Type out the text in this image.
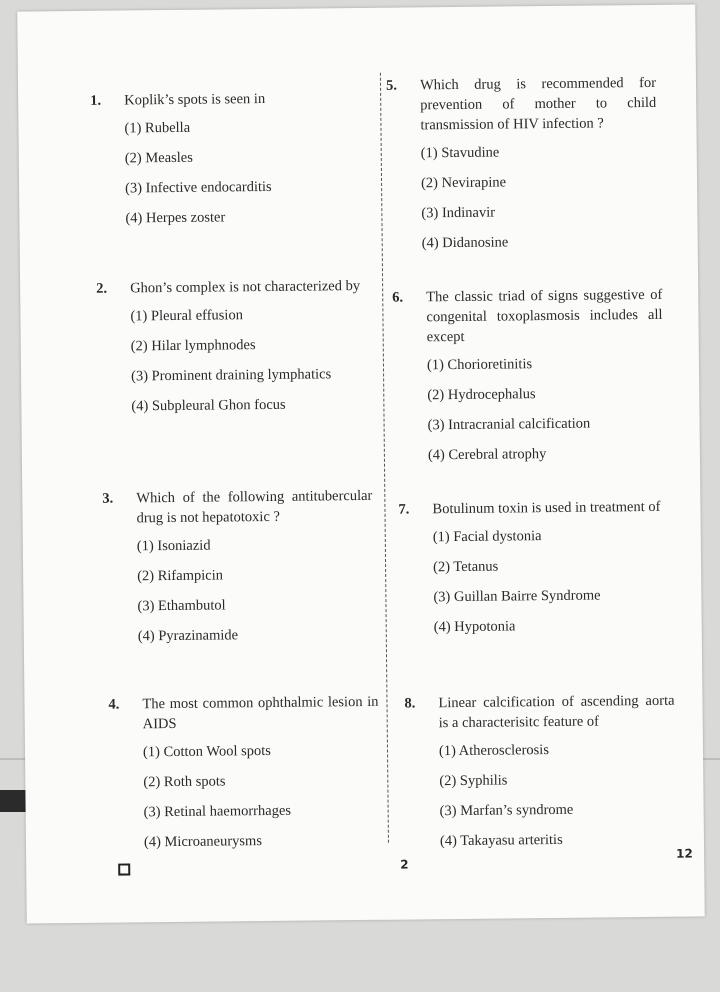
1. Koplik’s spots is seen in
(1) Rubella
(2) Measles
(3) Infective endocarditis
(4) Herpes zoster
2. Ghon’s complex is not characterized by
(1) Pleural effusion
(2) Hilar lymphnodes
(3) Prominent draining lymphatics
(4) Subpleural Ghon focus
3. Which of the following antitubercular drug is not hepatotoxic ?
(1) Isoniazid
(2) Rifampicin
(3) Ethambutol
(4) Pyrazinamide
4. The most common ophthalmic lesion in AIDS
(1) Cotton Wool spots
(2) Roth spots
(3) Retinal haemorrhages
(4) Microaneurysms
5. Which drug is recommended for prevention of mother to child transmission of HIV infection ?
(1) Stavudine
(2) Nevirapine
(3) Indinavir
(4) Didanosine
6. The classic triad of signs suggestive of congenital toxoplasmosis includes all except
(1) Chorioretinitis
(2) Hydrocephalus
(3) Intracranial calcification
(4) Cerebral atrophy
7. Botulinum toxin is used in treatment of
(1) Facial dystonia
(2) Tetanus
(3) Guillan Bairre Syndrome
(4) Hypotonia
8. Linear calcification of ascending aorta is a characterisitc feature of
(1) Atherosclerosis
(2) Syphilis
(3) Marfan’s syndrome
(4) Takayasu arteritis
2
12
